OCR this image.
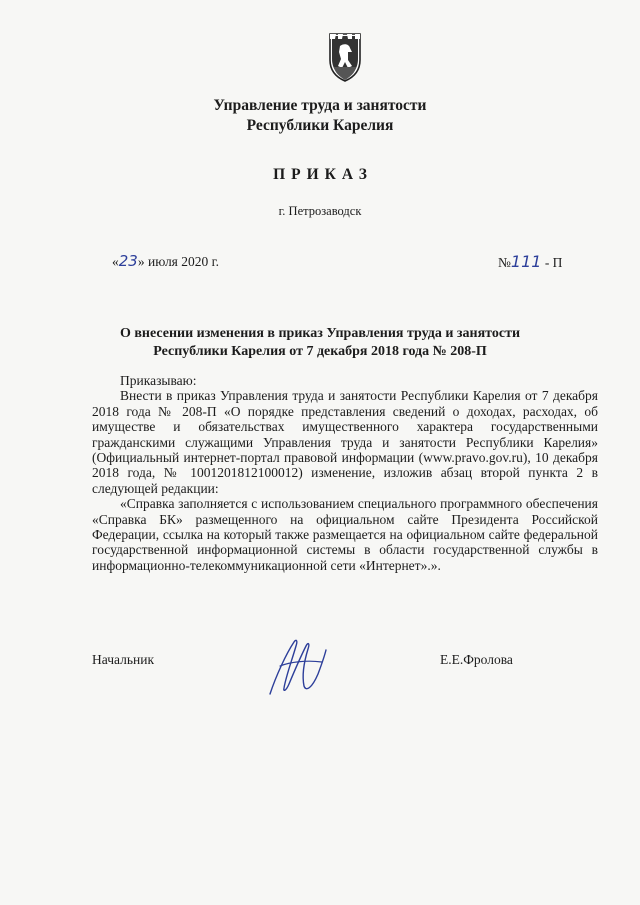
Управление труда и занятости
Республики Карелия
ПРИКАЗ
г. Петрозаводск
«23» июля 2020 г.	№111 - П
О внесении изменения в приказ Управления труда и занятости
Республики Карелия от 7 декабря 2018 года № 208-П

Приказываю:

Внести в приказ Управления труда и занятости Республики Карелия от 7 декабря 2018 года № 208-П «О порядке представления сведений о доходах, расходах, об имуществе и обязательствах имущественного характера государственными гражданскими служащими Управления труда и занятости Республики Карелия» (Официальный интернет-портал правовой информации (www.pravo.gov.ru), 10 декабря 2018 года, № 1001201812100012) изменение, изложив абзац второй пункта 2 в следующей редакции:

«Справка заполняется с использованием специального программного обеспечения «Справка БК» размещенного на официальном сайте Президента Российской Федерации, ссылка на который также размещается на официальном сайте федеральной государственной информационной системы в области государственной службы в информационно-телекоммуникационной сети «Интернет».».

Начальник	Е.Е.Фролова
